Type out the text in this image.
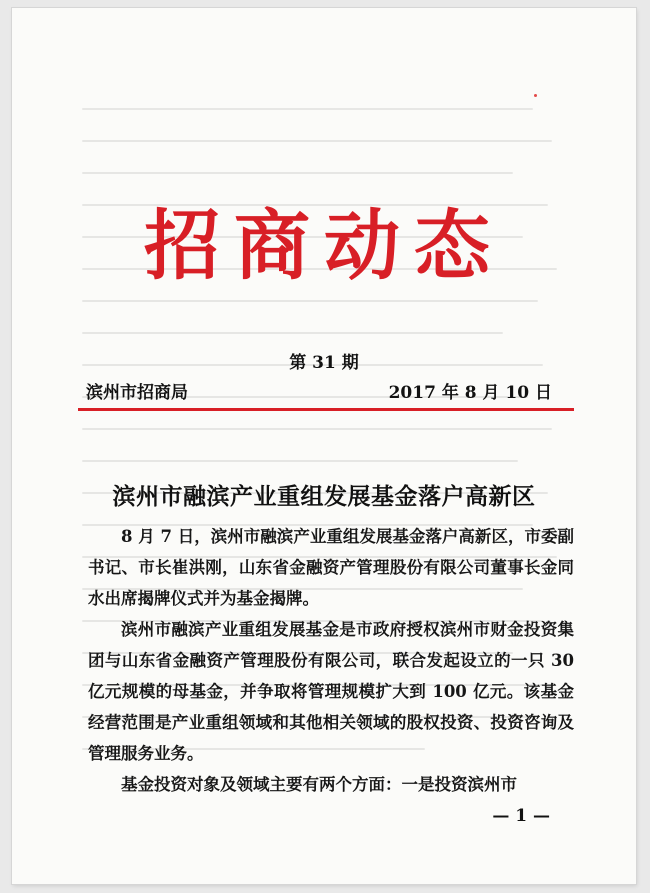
招商动态
第 31 期
滨州市招商局	2017 年 8 月 10 日
滨州市融滨产业重组发展基金落户高新区

8 月 7 日，滨州市融滨产业重组发展基金落户高新区，市委副书记、市长崔洪刚，山东省金融资产管理股份有限公司董事长金同水出席揭牌仪式并为基金揭牌。

滨州市融滨产业重组发展基金是市政府授权滨州市财金投资集团与山东省金融资产管理股份有限公司，联合发起设立的一只 30 亿元规模的母基金，并争取将管理规模扩大到 100 亿元。该基金经营范围是产业重组领域和其他相关领域的股权投资、投资咨询及管理服务业务。

基金投资对象及领域主要有两个方面：一是投资滨州市

— 1 —
